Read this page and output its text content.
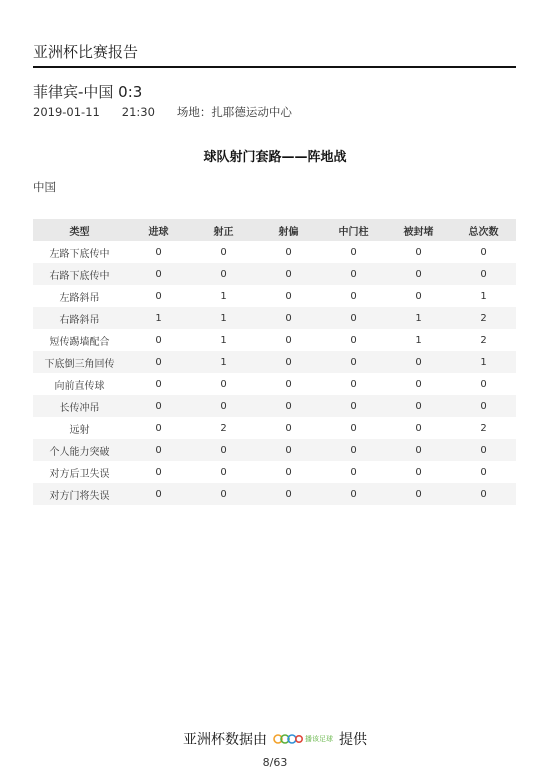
亚洲杯比赛报告
菲律宾-中国 0:3
2019-01-11 21:30 场地：扎耶德运动中心
球队射门套路——阵地战
中国
类型	进球	射正	射偏	中门柱	被封堵	总次数
左路下底传中	0	0	0	0	0	0
右路下底传中	0	0	0	0	0	0
左路斜吊	0	1	0	0	0	1
右路斜吊	1	1	0	0	1	2
短传踢墙配合	0	1	0	0	1	2
下底倒三角回传	0	1	0	0	0	1
向前直传球	0	0	0	0	0	0
长传冲吊	0	0	0	0	0	0
远射	0	2	0	0	0	2
个人能力突破	0	0	0	0	0	0
对方后卫失误	0	0	0	0	0	0
对方门将失误	0	0	0	0	0	0
亚洲杯数据由	播该足球 提供
8/63
